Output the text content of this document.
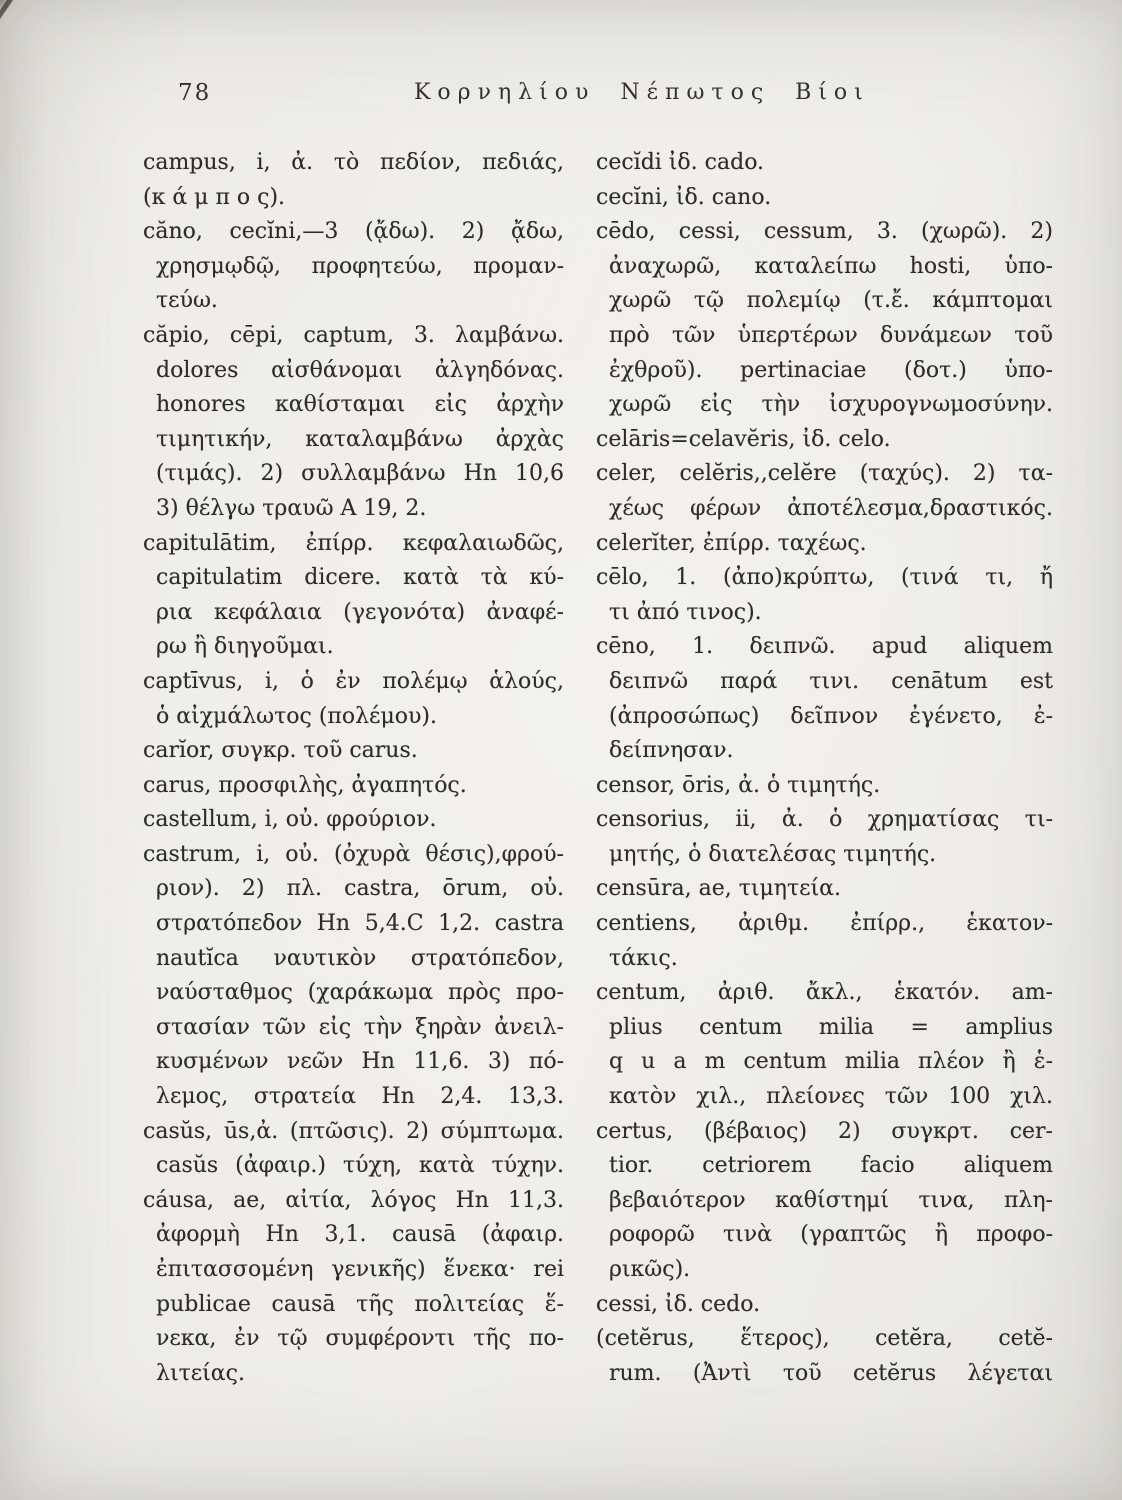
78	Κορνηλίου Νέπωτος Βίοι
campus, i, ἀ. τὸ πεδίον, πεδιάς,
(κ ά μ π ο ς).
căno, cecĭni,—3 (ᾄδω). 2) ᾄδω,
χρησμῳδῷ, προφητεύω, προμαν-
τεύω.
căpio, cēpi, captum, 3. λαμβάνω.
dolores αἰσθάνομαι ἀλγηδόνας.
honores καθίσταμαι εἰς ἀρχὴν
τιμητικήν, καταλαμβάνω ἀρχὰς
(τιμάς). 2) συλλαμβάνω Hn 10,6
3) θέλγω τραυῶ Α 19, 2.
capitulātim, ἐπίρρ. κεφαλαιωδῶς,
capitulatim dicere. κατὰ τὰ κύ-
ρια κεφάλαια (γεγονότα) ἀναφέ-
ρω ἢ διηγοῦμαι.
captīvus, i, ὁ ἐν πολέμῳ ἁλούς,
ὁ αἰχμάλωτος (πολέμου).
carĭor, συγκρ. τοῦ carus.
carus, προσφιλὴς, ἀγαπητός.
castellum, i, οὐ. φρούριον.
castrum, i, οὐ. (ὀχυρὰ θέσις),φρού-
ριον). 2) πλ. castra, ōrum, οὐ.
στρατόπεδον Hn 5,4.C 1,2. castra
nautĭca ναυτικὸν στρατόπεδον,
ναύσταθμος (χαράκωμα πρὸς προ-
στασίαν τῶν εἰς τὴν ξηρὰν ἀνειλ-
κυσμένων νεῶν Hn 11,6. 3) πό-
λεμος, στρατεία Hn 2,4. 13,3.
casŭs, ūs,ἀ. (πτῶσις). 2) σύμπτωμα.
casŭs (ἀφαιρ.) τύχη, κατὰ τύχην.
cáusa, ae, αἰτία, λόγος Hn 11,3.
ἀφορμὴ Hn 3,1. causā (ἀφαιρ.
ἐπιτασσομένη γενικῆς) ἕνεκα· rei
publicae causā τῆς πολιτείας ἕ-
νεκα, ἐν τῷ συμφέροντι τῆς πο-
λιτείας.
cecĭdi ἰδ. cado.
cecĭni, ἰδ. cano.
cēdo, cessi, cessum, 3. (χωρῶ). 2)
ἀναχωρῶ, καταλείπω hosti, ὑπο-
χωρῶ τῷ πολεμίῳ (τ.ἔ. κάμπτομαι
πρὸ τῶν ὑπερτέρων δυνάμεων τοῦ
ἐχθροῦ). pertinaciae (δοτ.) ὑπο-
χωρῶ εἰς τὴν ἰσχυρογνωμοσύνην.
celāris=celavĕris, ἰδ. celo.
celer, celĕris,,celĕre (ταχύς). 2) τα-
χέως φέρων ἀποτέλεσμα,δραστικός.
celerĭter, ἐπίρρ. ταχέως.
cēlo, 1. (ἀπο)κρύπτω, (τινά τι, ἤ
τι ἀπό τινος).
cēno, 1. δειπνῶ. apud aliquem
δειπνῶ παρά τινι. cenātum est
(ἀπροσώπως) δεῖπνον ἐγένετο, ἐ-
δείπνησαν.
censor, ōris, ἀ. ὁ τιμητής.
censorius, ii, ἀ. ὁ χρηματίσας τι-
μητής, ὁ διατελέσας τιμητής.
censūra, ae, τιμητεία.
centiens, ἀριθμ. ἐπίρρ., ἑκατον-
τάκις.
centum, ἀριθ. ἄκλ., ἑκατόν. am-
plius centum milia = amplius
q u a m centum milia πλέον ἢ ἑ-
κατὸν χιλ., πλείονες τῶν 100 χιλ.
certus, (βέβαιος) 2) συγκρτ. cer-
tior. cetriorem facio aliquem
βεβαιότερον καθίστημί τινα, πλη-
ροφορῶ τινὰ (γραπτῶς ἢ προφο-
ρικῶς).
cessi, ἰδ. cedo.
(cetĕrus, ἕτερος), cetĕra, cetĕ-
rum. (Ἀντὶ τοῦ cetĕrus λέγεται
